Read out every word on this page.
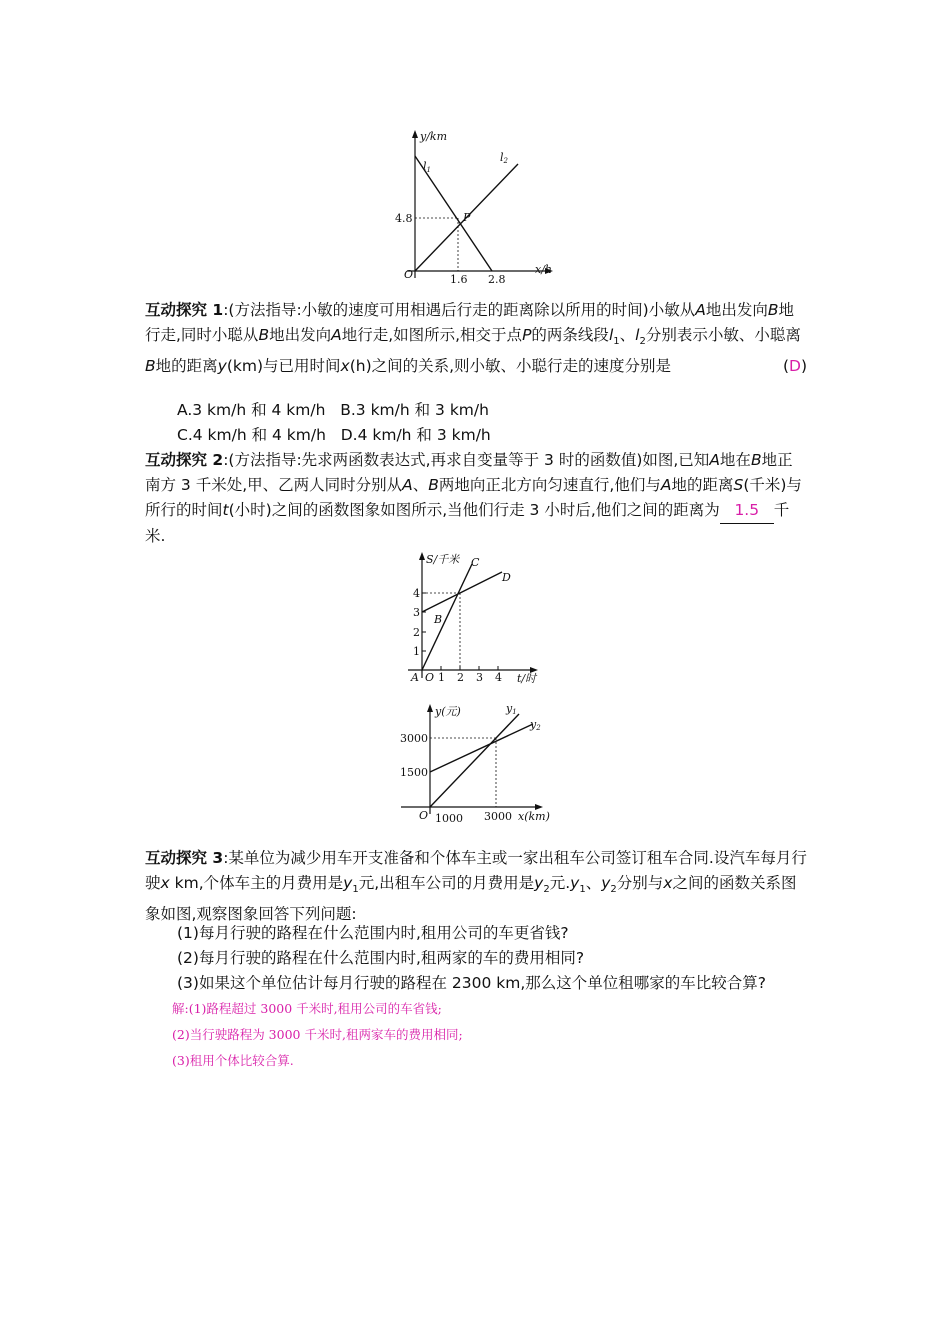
y/km
x/h
O
l1
l2
P
4.8
1.6 2.8
互动探究 1:(方法指导:小敏的速度可用相遇后行走的距离除以所用的时间)小敏从A地出发向B地行走,同时小聪从B地出发向A地行走,如图所示,相交于点P的两条线段$l_1$、$l_2$分别表示小敏、小聪离B地的距离y(km)与已用时间x(h)之间的关系,则小敏、小聪行走的速度分别是	(D)
A.3 km/h 和 4 km/h B.3 km/h 和 3 km/h
C.4 km/h 和 4 km/h D.4 km/h 和 3 km/h
互动探究 2:(方法指导:先求两函数表达式,再求自变量等于 3 时的函数值)如图,已知A地在B地正南方 3 千米处,甲、乙两人同时分别从A、B两地向正北方向匀速直行,他们与A地的距离S(千米)与所行的时间t(小时)之间的函数图象如图所示,当他们行走 3 小时后,他们之间的距离为 1.5 千米.
S/千米
t/时
A O
B
C
D
1
2
3
4
1 2 3 4
y(元)
x(km)
O
y1
y2
3000
1500
1000 3000
互动探究 3:某单位为减少用车开支准备和个体车主或一家出租车公司签订租车合同.设汽车每月行驶x km,个体车主的月费用是$y_1$元,出租车公司的月费用是$y_2$元$.y_1$、$y_2$分别与x之间的函数关系图象如图,观察图象回答下列问题:
(1)每月行驶的路程在什么范围内时,租用公司的车更省钱?
(2)每月行驶的路程在什么范围内时,租两家的车的费用相同?
(3)如果这个单位估计每月行驶的路程在 2300 km,那么这个单位租哪家的车比较合算?
解:(1)路程超过 3000 千米时,租用公司的车省钱;
(2)当行驶路程为 3000 千米时,租两家车的费用相同;
(3)租用个体比较合算.
